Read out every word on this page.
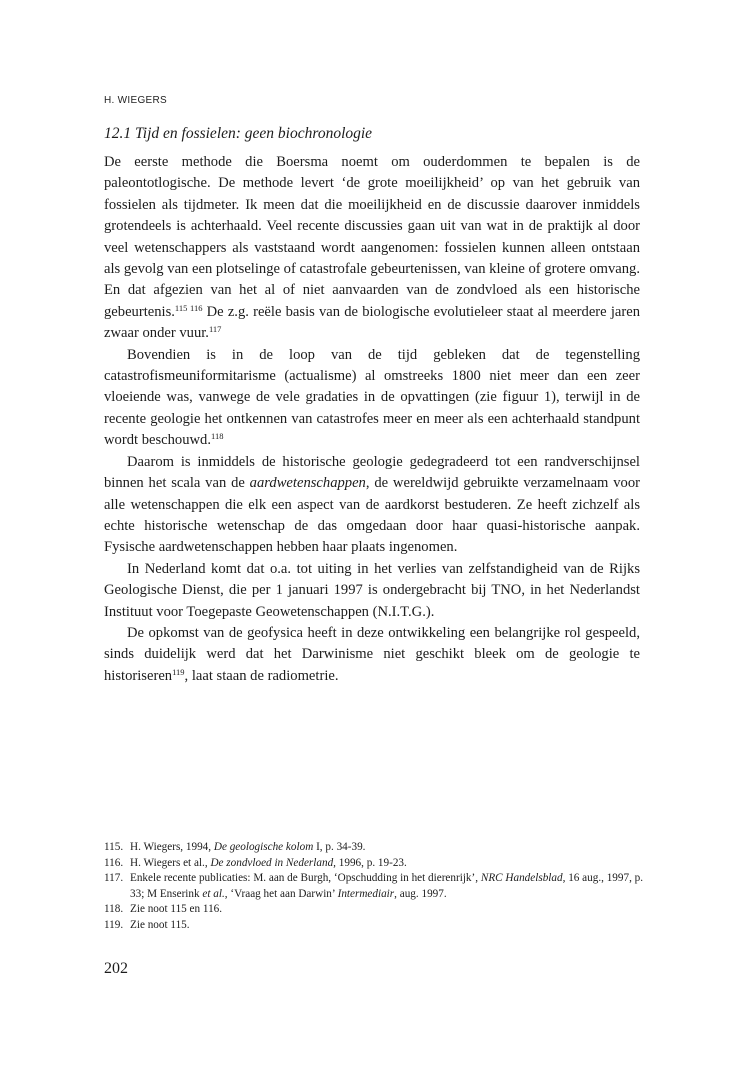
H. WIEGERS
12.1 Tijd en fossielen: geen biochronologie

De eerste methode die Boersma noemt om ouderdommen te bepalen is de paleontotlogische. De methode levert ‘de grote moeilijkheid’ op van het gebruik van fossielen als tijdmeter. Ik meen dat die moeilijkheid en de discussie daarover inmiddels grotendeels is achterhaald. Veel recente discussies gaan uit van wat in de praktijk al door veel wetenschappers als vaststaand wordt aangenomen: fossielen kunnen alleen ontstaan als gevolg van een plotselinge of catastrofale gebeurtenissen, van kleine of grotere omvang. En dat afgezien van het al of niet aanvaarden van de zondvloed als een historische gebeurtenis.$^{115 116}$ De z.g. reële basis van de biologische evolutieleer staat al meerdere jaren zwaar onder vuur.$^{117}$

Bovendien is in de loop van de tijd gebleken dat de tegenstelling catastrofismeuniformitarisme (actualisme) al omstreeks 1800 niet meer dan een zeer vloeiende was, vanwege de vele gradaties in de opvattingen (zie figuur 1), terwijl in de recente geologie het ontkennen van catastrofes meer en meer als een achterhaald standpunt wordt beschouwd.$^{118}$

Daarom is inmiddels de historische geologie gedegradeerd tot een randverschijnsel binnen het scala van de aardwetenschappen, de wereldwijd gebruikte verzamelnaam voor alle wetenschappen die elk een aspect van de aardkorst bestuderen. Ze heeft zichzelf als echte historische wetenschap de das omgedaan door haar quasi-historische aanpak. Fysische aardwetenschappen hebben haar plaats ingenomen.

In Nederland komt dat o.a. tot uiting in het verlies van zelfstandigheid van de Rijks Geologische Dienst, die per 1 januari 1997 is ondergebracht bij TNO, in het Nederlandst Instituut voor Toegepaste Geowetenschappen (N.I.T.G.).

De opkomst van de geofysica heeft in deze ontwikkeling een belangrijke rol gespeeld, sinds duidelijk werd dat het Darwinisme niet geschikt bleek om de geologie te historiseren$^{119}$, laat staan de radiometrie.

115. H. Wiegers, 1994, De geologische kolom I, p. 34-39.
116. H. Wiegers et al., De zondvloed in Nederland, 1996, p. 19-23.
117. Enkele recente publicaties: M. aan de Burgh, ‘Opschudding in het dierenrijk’, NRC Handelsblad, 16 aug., 1997, p. 33; M Enserink et al., ‘Vraag het aan Darwin’ Intermediair, aug. 1997.
118. Zie noot 115 en 116.
119. Zie noot 115.
202
